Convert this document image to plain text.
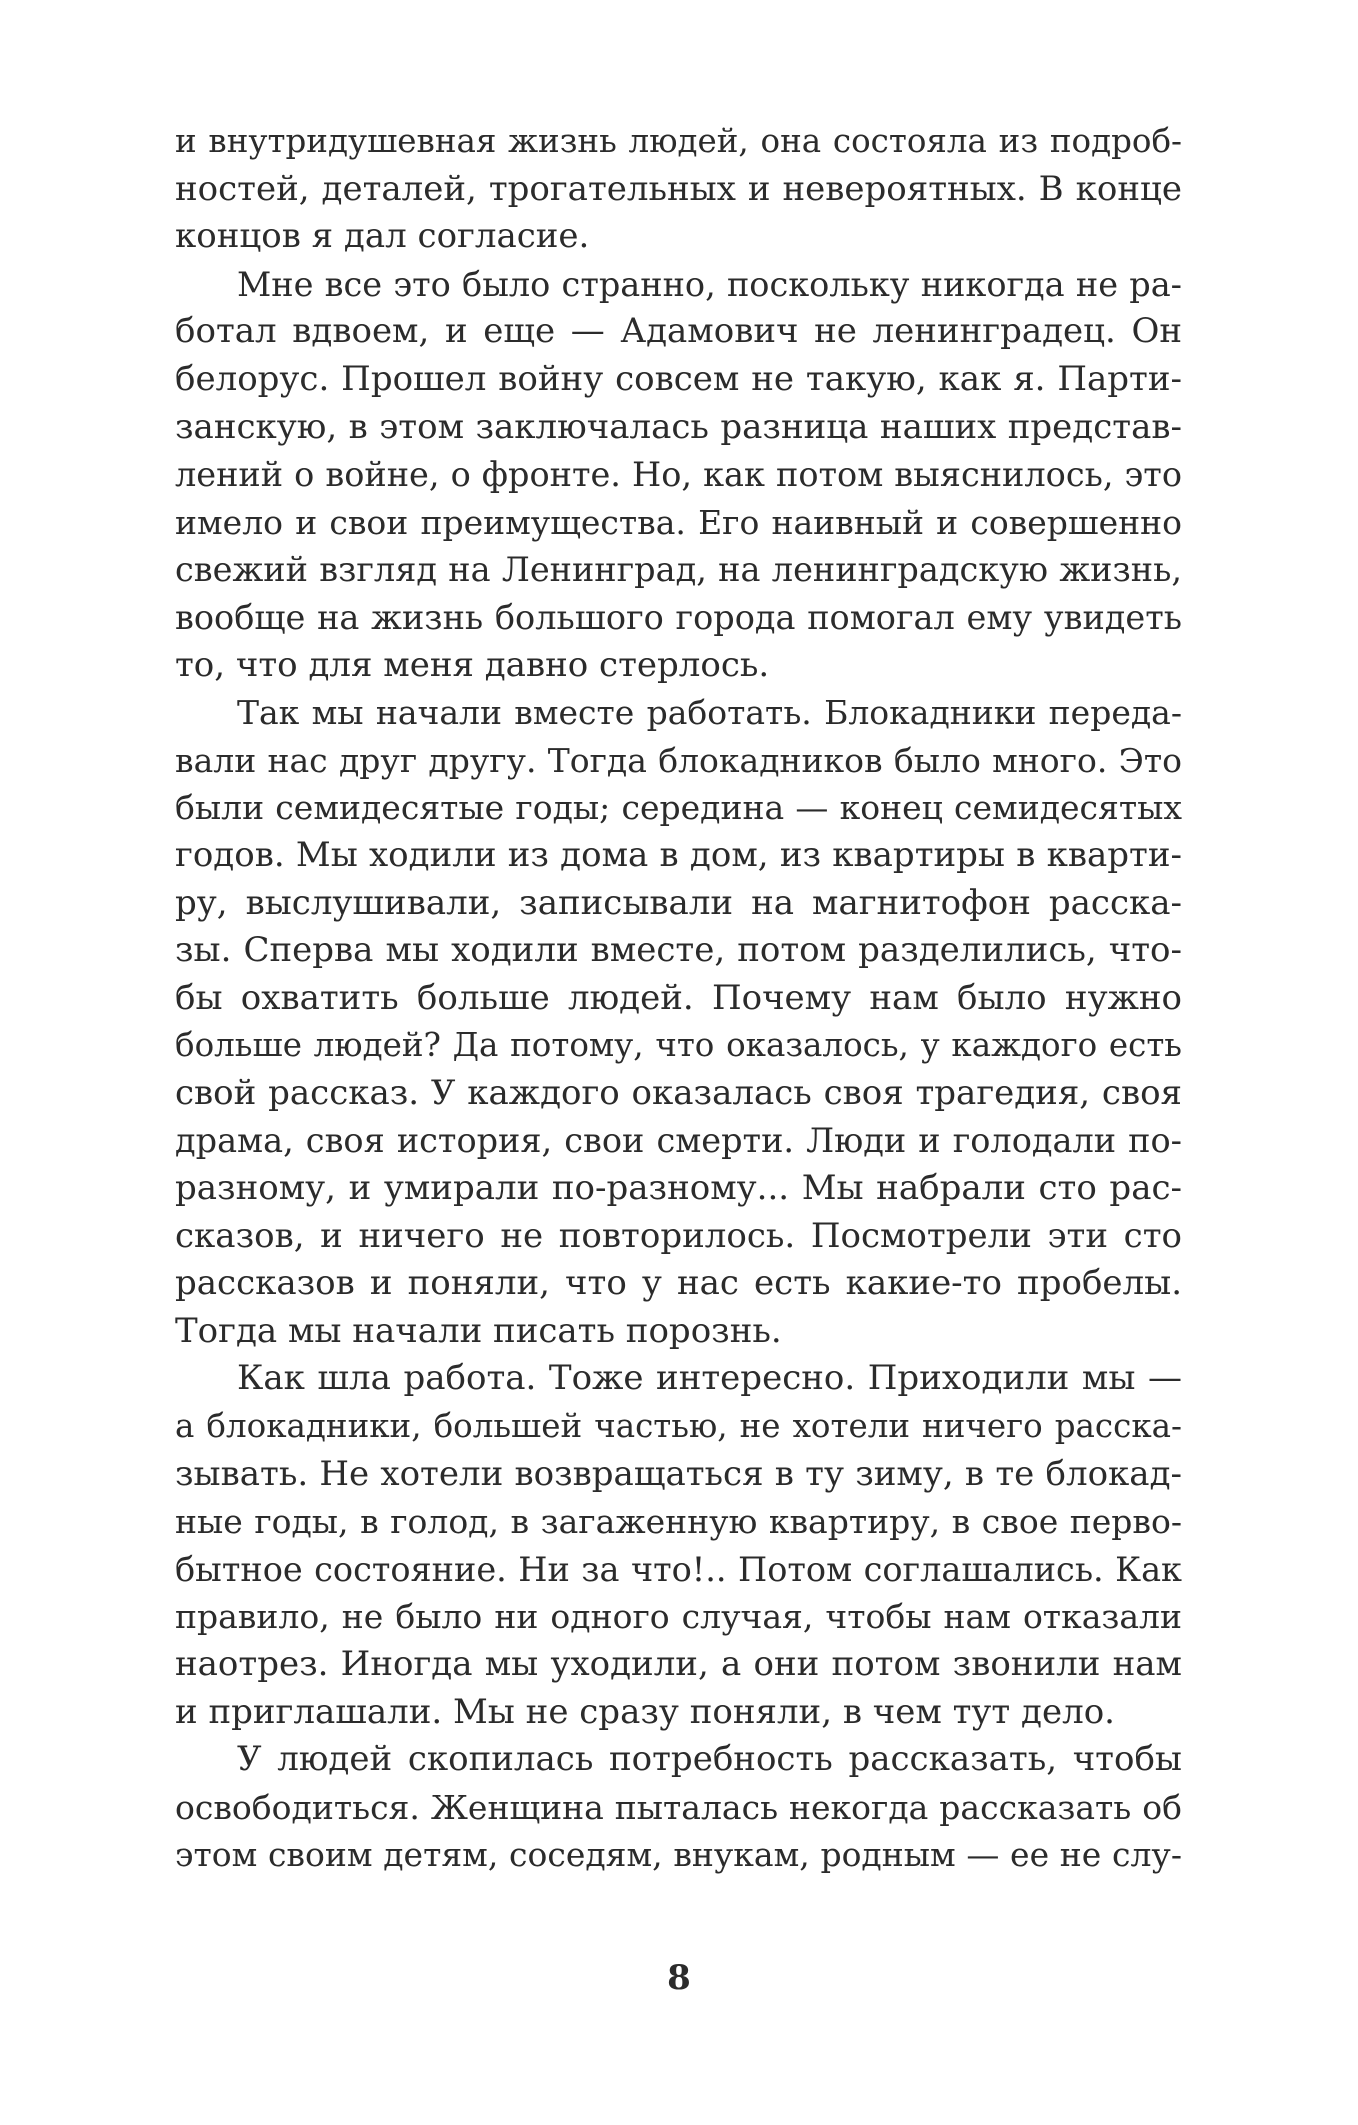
и внутридушевная жизнь людей, она состояла из подроб-
ностей, деталей, трогательных и невероятных. В конце
концов я дал согласие.
Мне все это было странно, поскольку никогда не ра-
ботал вдвоем, и еще — Адамович не ленинградец. Он
белорус. Прошел войну совсем не такую, как я. Парти-
занскую, в этом заключалась разница наших представ-
лений о войне, о фронте. Но, как потом выяснилось, это
имело и свои преимущества. Его наивный и совершенно
свежий взгляд на Ленинград, на ленинградскую жизнь,
вообще на жизнь большого города помогал ему увидеть
то, что для меня давно стерлось.
Так мы начали вместе работать. Блокадники переда-
вали нас друг другу. Тогда блокадников было много. Это
были семидесятые годы; середина — конец семидесятых
годов. Мы ходили из дома в дом, из квартиры в кварти-
ру, выслушивали, записывали на магнитофон расска-
зы. Сперва мы ходили вместе, потом разделились, что-
бы охватить больше людей. Почему нам было нужно
больше людей? Да потому, что оказалось, у каждого есть
свой рассказ. У каждого оказалась своя трагедия, своя
драма, своя история, свои смерти. Люди и голодали по-
разному, и умирали по-разному... Мы набрали сто рас-
сказов, и ничего не повторилось. Посмотрели эти сто
рассказов и поняли, что у нас есть какие-то пробелы.
Тогда мы начали писать порознь.
Как шла работа. Тоже интересно. Приходили мы —
а блокадники, большей частью, не хотели ничего расска-
зывать. Не хотели возвращаться в ту зиму, в те блокад-
ные годы, в голод, в загаженную квартиру, в свое перво-
бытное состояние. Ни за что!.. Потом соглашались. Как
правило, не было ни одного случая, чтобы нам отказали
наотрез. Иногда мы уходили, а они потом звонили нам
и приглашали. Мы не сразу поняли, в чем тут дело.
У людей скопилась потребность рассказать, чтобы
освободиться. Женщина пыталась некогда рассказать об
этом своим детям, соседям, внукам, родным — ее не слу-
8
